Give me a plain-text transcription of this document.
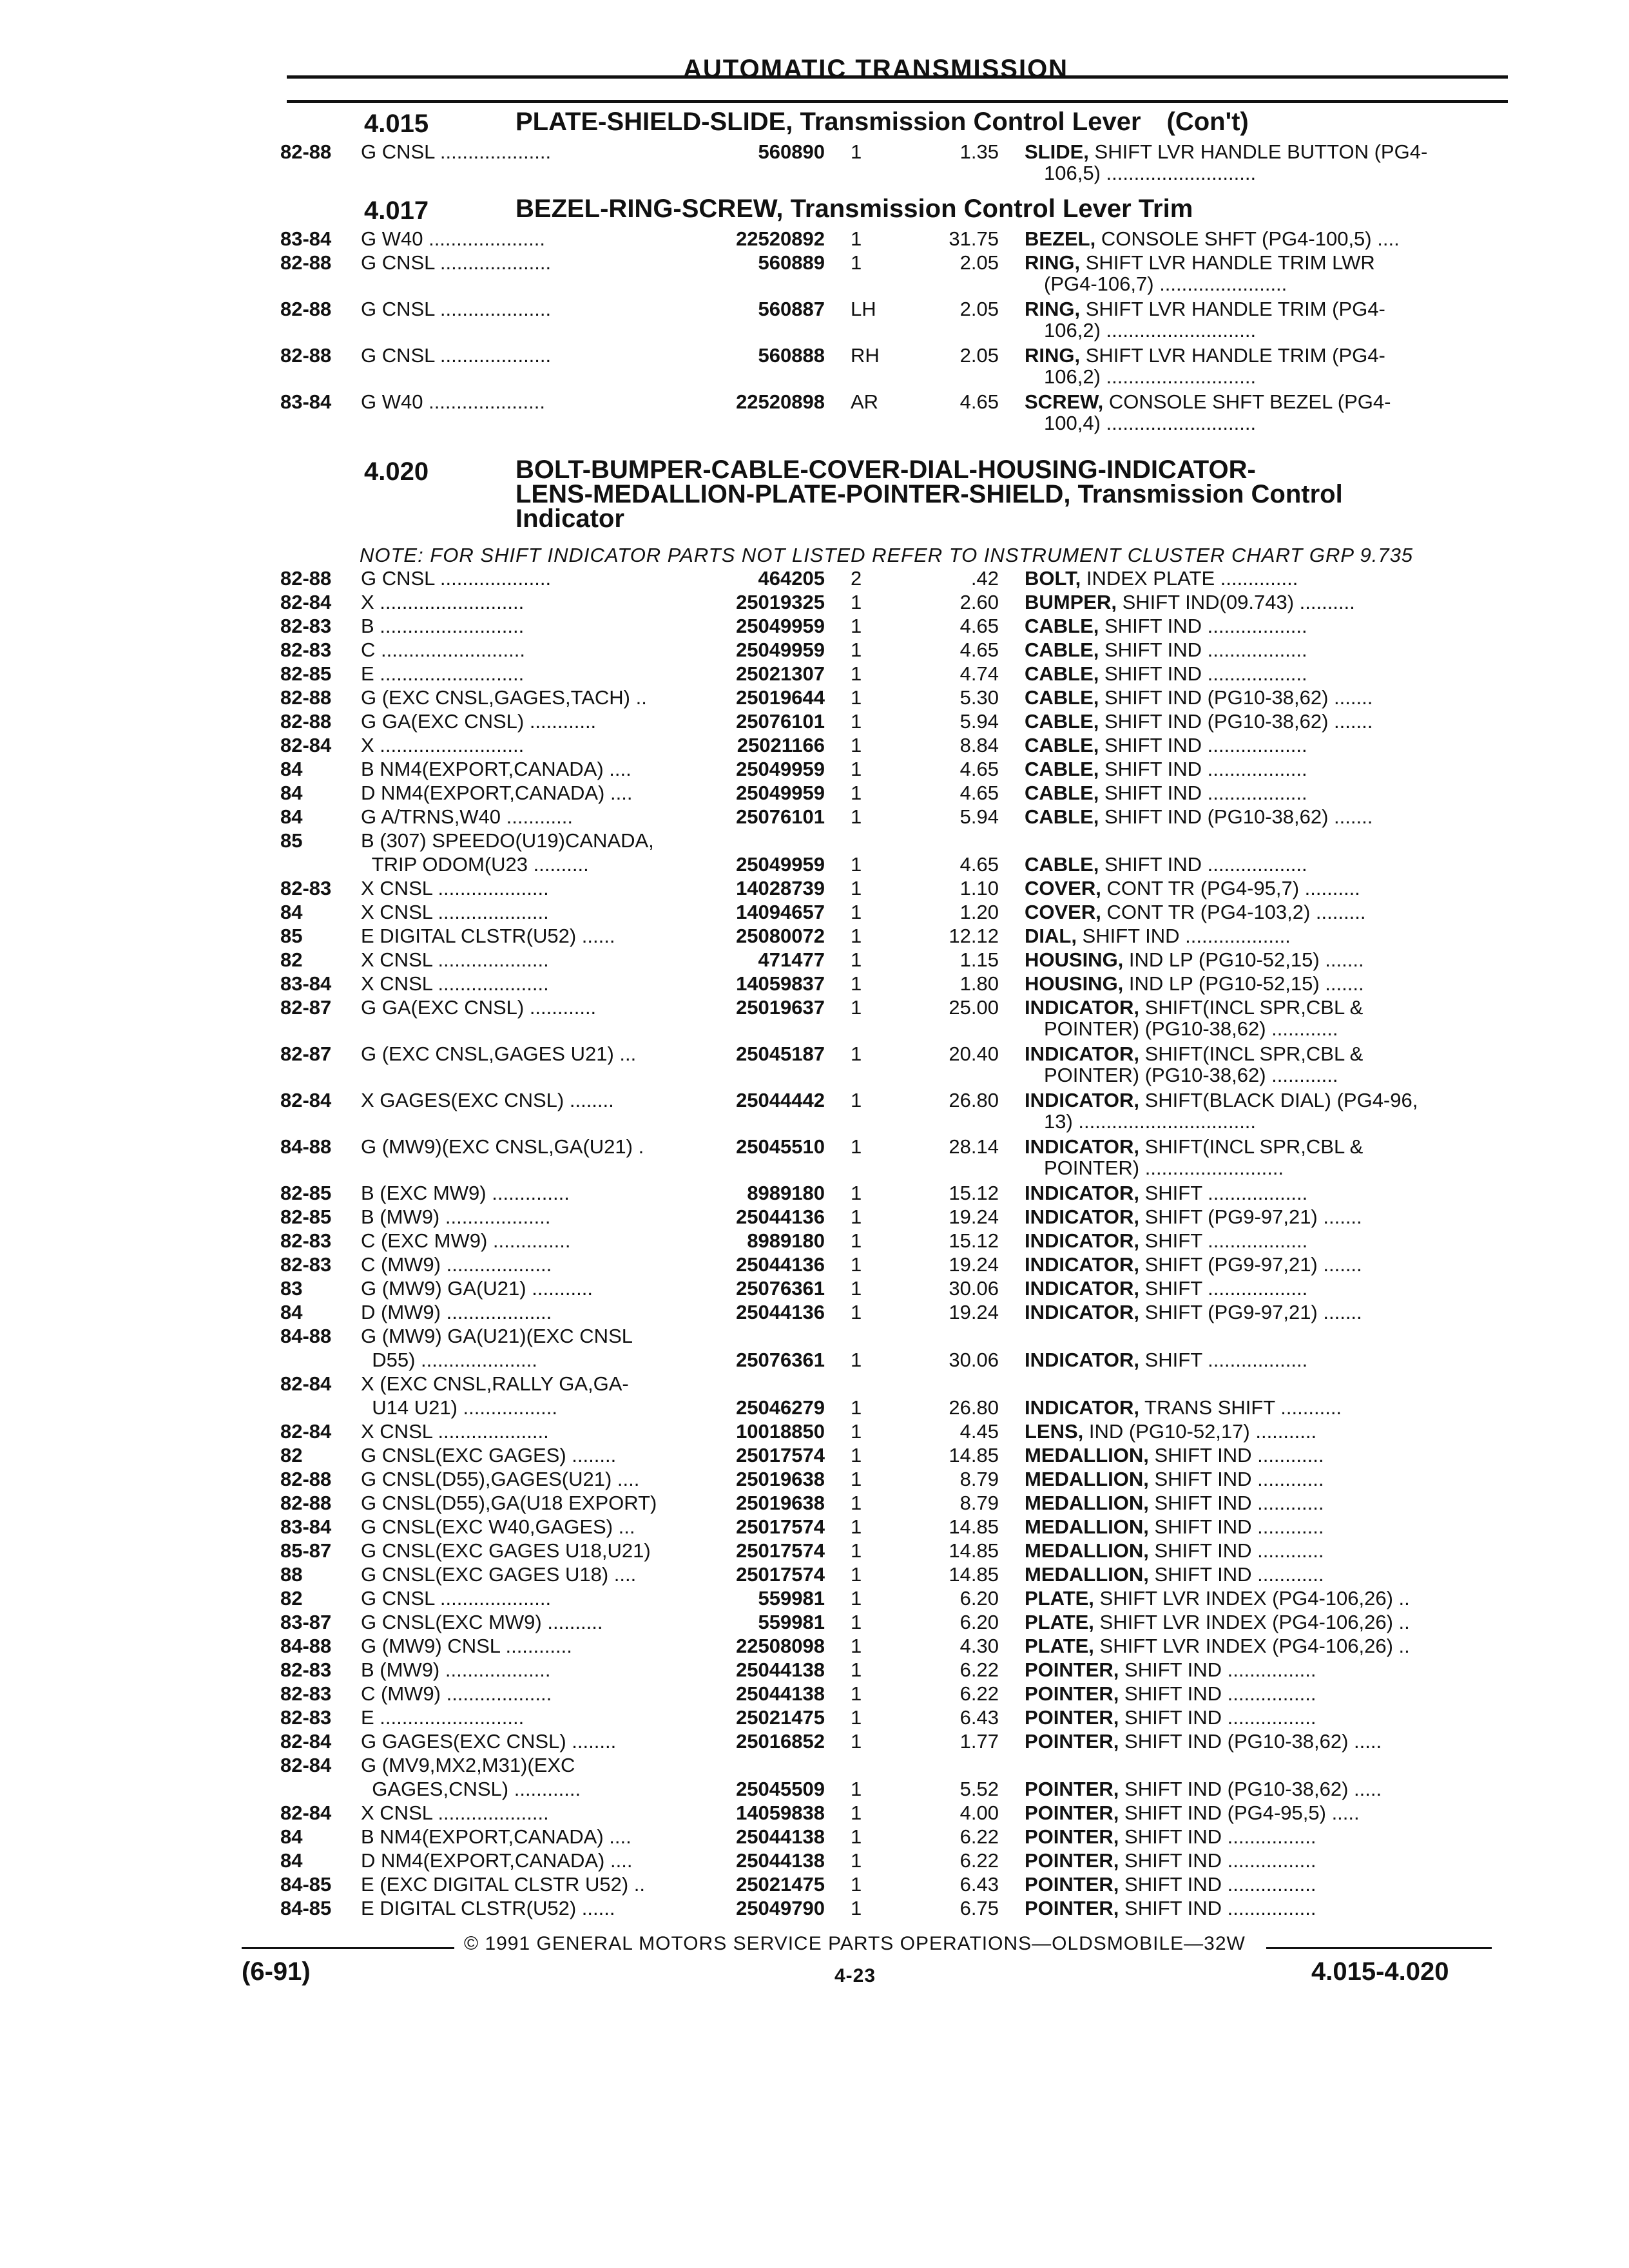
AUTOMATIC TRANSMISSION
4.015	PLATE-SHIELD-SLIDE, Transmission Control Lever (Con't)
82-88 G CNSL ....................	560890 1	1.35 SLIDE, SHIFT LVR HANDLE BUTTON (PG4-
106,5) ...........................
4.017	BEZEL-RING-SCREW, Transmission Control Lever Trim
83-84 G W40 .....................	22520892 1	31.75 BEZEL, CONSOLE SHFT (PG4-100,5) ....
82-88 G CNSL ....................	560889 1	2.05 RING, SHIFT LVR HANDLE TRIM LWR
(PG4-106,7) .......................
82-88 G CNSL ....................	560887 LH	2.05 RING, SHIFT LVR HANDLE TRIM (PG4-
106,2) ...........................
82-88 G CNSL ....................	560888 RH	2.05 RING, SHIFT LVR HANDLE TRIM (PG4-
106,2) ...........................
83-84 G W40 .....................	22520898 AR	4.65 SCREW, CONSOLE SHFT BEZEL (PG4-
100,4) ...........................
4.020	BOLT-BUMPER-CABLE-COVER-DIAL-HOUSING-INDICATOR-
LENS-MEDALLION-PLATE-POINTER-SHIELD, Transmission Control
Indicator
NOTE: FOR SHIFT INDICATOR PARTS NOT LISTED REFER TO INSTRUMENT CLUSTER CHART GRP 9.735
82-88 G CNSL ....................	464205 2	.42 BOLT, INDEX PLATE ..............
82-84 X ..........................	25019325 1	2.60 BUMPER, SHIFT IND(09.743) ..........
82-83 B ..........................	25049959 1	4.65 CABLE, SHIFT IND ..................
82-83 C ..........................	25049959 1	4.65 CABLE, SHIFT IND ..................
82-85 E ..........................	25021307 1	4.74 CABLE, SHIFT IND ..................
82-88 G (EXC CNSL,GAGES,TACH) ..	25019644 1	5.30 CABLE, SHIFT IND (PG10-38,62) .......
82-88 G GA(EXC CNSL) ............	25076101 1	5.94 CABLE, SHIFT IND (PG10-38,62) .......
82-84 X ..........................	25021166 1	8.84 CABLE, SHIFT IND ..................
84	B NM4(EXPORT,CANADA) ....	25049959 1	4.65 CABLE, SHIFT IND ..................
84	D NM4(EXPORT,CANADA) ....	25049959 1	4.65 CABLE, SHIFT IND ..................
84	G A/TRNS,W40 ............	25076101 1	5.94 CABLE, SHIFT IND (PG10-38,62) .......
85	B (307) SPEEDO(U19)CANADA,
TRIP ODOM(U23 ..........	25049959 1	4.65 CABLE, SHIFT IND ..................
82-83 X CNSL ....................	14028739 1	1.10 COVER, CONT TR (PG4-95,7) ..........
84	X CNSL ....................	14094657 1	1.20 COVER, CONT TR (PG4-103,2) .........
85	E DIGITAL CLSTR(U52) ......	25080072 1	12.12 DIAL, SHIFT IND ...................
82	X CNSL ....................	471477 1	1.15 HOUSING, IND LP (PG10-52,15) .......
83-84 X CNSL ....................	14059837 1	1.80 HOUSING, IND LP (PG10-52,15) .......
82-87 G GA(EXC CNSL) ............	25019637 1	25.00 INDICATOR, SHIFT(INCL SPR,CBL &
POINTER) (PG10-38,62) ............
82-87 G (EXC CNSL,GAGES U21) ...	25045187 1	20.40 INDICATOR, SHIFT(INCL SPR,CBL &
POINTER) (PG10-38,62) ............
82-84 X GAGES(EXC CNSL) ........	25044442 1	26.80 INDICATOR, SHIFT(BLACK DIAL) (PG4-96,
13) ................................
84-88 G (MW9)(EXC CNSL,GA(U21) .	25045510 1	28.14 INDICATOR, SHIFT(INCL SPR,CBL &
POINTER) .........................
82-85 B (EXC MW9) ..............	8989180 1	15.12 INDICATOR, SHIFT ..................
82-85 B (MW9) ...................	25044136 1	19.24 INDICATOR, SHIFT (PG9-97,21) .......
82-83 C (EXC MW9) ..............	8989180 1	15.12 INDICATOR, SHIFT ..................
82-83 C (MW9) ...................	25044136 1	19.24 INDICATOR, SHIFT (PG9-97,21) .......
83	G (MW9) GA(U21) ...........	25076361 1	30.06 INDICATOR, SHIFT ..................
84	D (MW9) ...................	25044136 1	19.24 INDICATOR, SHIFT (PG9-97,21) .......
84-88 G (MW9) GA(U21)(EXC CNSL
D55) .....................	25076361 1	30.06 INDICATOR, SHIFT ..................
82-84 X (EXC CNSL,RALLY GA,GA-
U14 U21) .................	25046279 1	26.80 INDICATOR, TRANS SHIFT ...........
82-84 X CNSL ....................	10018850 1	4.45 LENS, IND (PG10-52,17) ...........
82	G CNSL(EXC GAGES) ........	25017574 1	14.85 MEDALLION, SHIFT IND ............
82-88 G CNSL(D55),GAGES(U21) ....	25019638 1	8.79 MEDALLION, SHIFT IND ............
82-88 G CNSL(D55),GA(U18 EXPORT)	25019638 1	8.79 MEDALLION, SHIFT IND ............
83-84 G CNSL(EXC W40,GAGES) ...	25017574 1	14.85 MEDALLION, SHIFT IND ............
85-87 G CNSL(EXC GAGES U18,U21)	25017574 1	14.85 MEDALLION, SHIFT IND ............
88	G CNSL(EXC GAGES U18) ....	25017574 1	14.85 MEDALLION, SHIFT IND ............
82	G CNSL ....................	559981 1	6.20 PLATE, SHIFT LVR INDEX (PG4-106,26) ..
83-87 G CNSL(EXC MW9) ..........	559981 1	6.20 PLATE, SHIFT LVR INDEX (PG4-106,26) ..
84-88 G (MW9) CNSL ............	22508098 1	4.30 PLATE, SHIFT LVR INDEX (PG4-106,26) ..
82-83 B (MW9) ...................	25044138 1	6.22 POINTER, SHIFT IND ................
82-83 C (MW9) ...................	25044138 1	6.22 POINTER, SHIFT IND ................
82-83 E ..........................	25021475 1	6.43 POINTER, SHIFT IND ................
82-84 G GAGES(EXC CNSL) ........	25016852 1	1.77 POINTER, SHIFT IND (PG10-38,62) .....
82-84 G (MV9,MX2,M31)(EXC
GAGES,CNSL) ............	25045509 1	5.52 POINTER, SHIFT IND (PG10-38,62) .....
82-84 X CNSL ....................	14059838 1	4.00 POINTER, SHIFT IND (PG4-95,5) .....
84	B NM4(EXPORT,CANADA) ....	25044138 1	6.22 POINTER, SHIFT IND ................
84	D NM4(EXPORT,CANADA) ....	25044138 1	6.22 POINTER, SHIFT IND ................
84-85 E (EXC DIGITAL CLSTR U52) ..	25021475 1	6.43 POINTER, SHIFT IND ................
84-85 E DIGITAL CLSTR(U52) ......	25049790 1	6.75 POINTER, SHIFT IND ................
© 1991 GENERAL MOTORS SERVICE PARTS OPERATIONS—OLDSMOBILE—32W
(6-91)	4-23	4.015-4.020
